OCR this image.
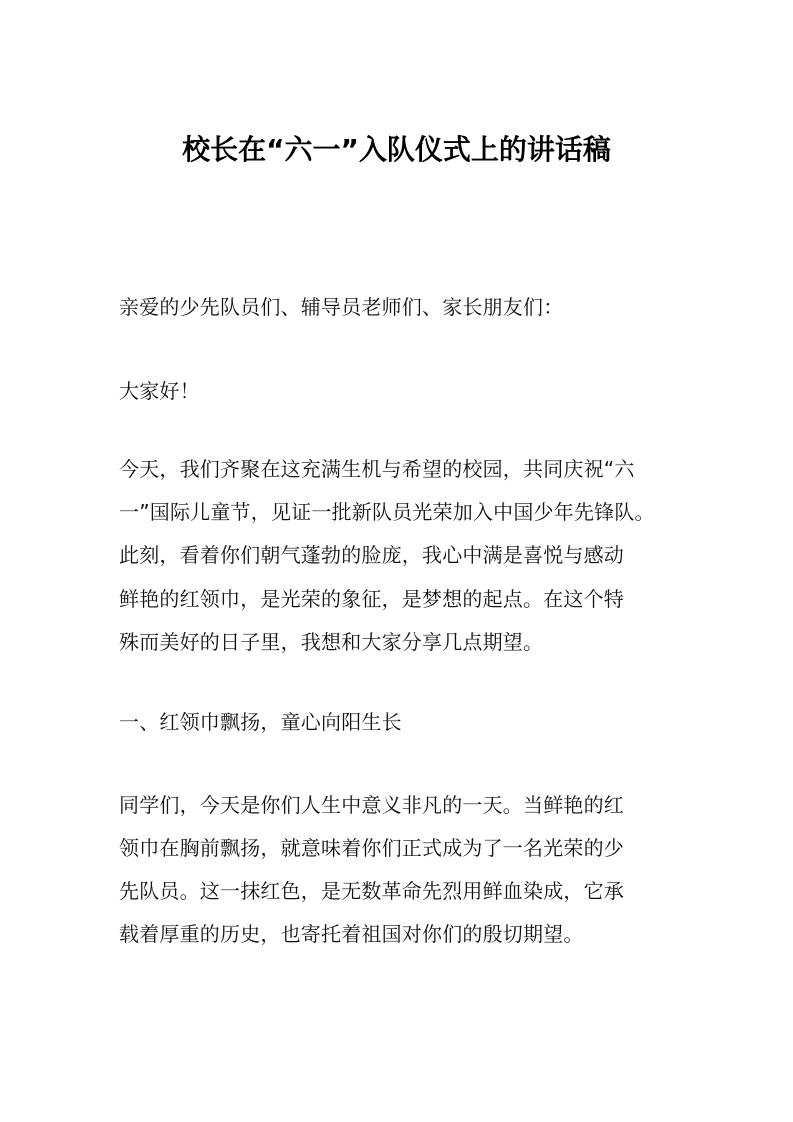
校长在“六一”入队仪式上的讲话稿
亲爱的少先队员们、辅导员老师们、家长朋友们：
大家好！
今天，我们齐聚在这充满生机与希望的校园，共同庆祝“六
一”国际儿童节，见证一批新队员光荣加入中国少年先锋队。
此刻，看着你们朝气蓬勃的脸庞，我心中满是喜悦与感动
鲜艳的红领巾，是光荣的象征，是梦想的起点。在这个特
殊而美好的日子里，我想和大家分享几点期望。
一、红领巾飘扬，童心向阳生长
同学们，今天是你们人生中意义非凡的一天。当鲜艳的红
领巾在胸前飘扬，就意味着你们正式成为了一名光荣的少
先队员。这一抹红色，是无数革命先烈用鲜血染成，它承
载着厚重的历史，也寄托着祖国对你们的殷切期望。
